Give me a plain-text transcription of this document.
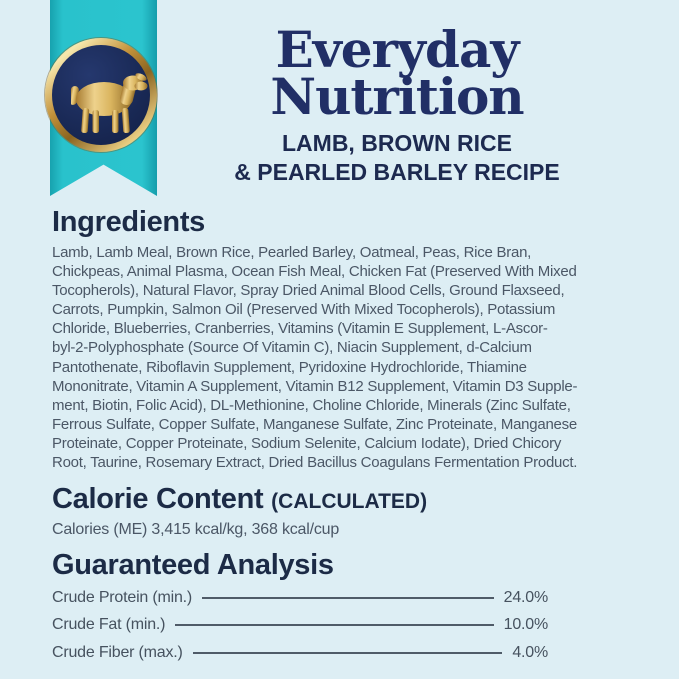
Everyday
Nutrition
LAMB, BROWN RICE
& PEARLED BARLEY RECIPE
Ingredients
Lamb, Lamb Meal, Brown Rice, Pearled Barley, Oatmeal, Peas, Rice Bran,
Chickpeas, Animal Plasma, Ocean Fish Meal, Chicken Fat (Preserved With Mixed
Tocopherols), Natural Flavor, Spray Dried Animal Blood Cells, Ground Flaxseed,
Carrots, Pumpkin, Salmon Oil (Preserved With Mixed Tocopherols), Potassium
Chloride, Blueberries, Cranberries, Vitamins (Vitamin E Supplement, L-Ascor-
byl-2-Polyphosphate (Source Of Vitamin C), Niacin Supplement, d-Calcium
Pantothenate, Riboflavin Supplement, Pyridoxine Hydrochloride, Thiamine
Mononitrate, Vitamin A Supplement, Vitamin B12 Supplement, Vitamin D3 Supple-
ment, Biotin, Folic Acid), DL-Methionine, Choline Chloride, Minerals (Zinc Sulfate,
Ferrous Sulfate, Copper Sulfate, Manganese Sulfate, Zinc Proteinate, Manganese
Proteinate, Copper Proteinate, Sodium Selenite, Calcium Iodate), Dried Chicory
Root, Taurine, Rosemary Extract, Dried Bacillus Coagulans Fermentation Product.
Calorie Content (CALCULATED)
Calories (ME) 3,415 kcal/kg, 368 kcal/cup
Guaranteed Analysis
Crude Protein (min.)	24.0%
Crude Fat (min.)	10.0%
Crude Fiber (max.)	4.0%
